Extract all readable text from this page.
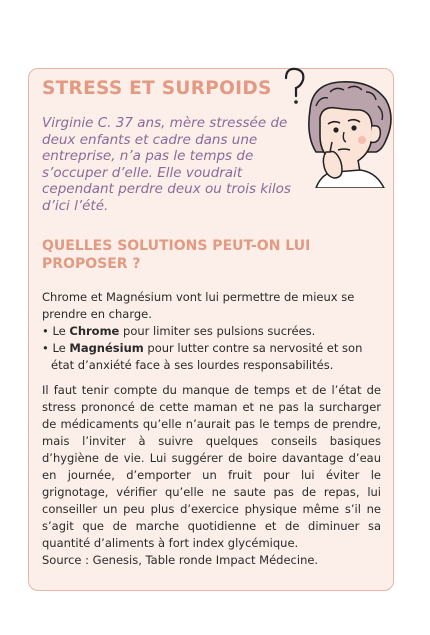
STRESS ET SURPOIDS
Virginie C. 37 ans, mère stressée de deux enfants et cadre dans une entreprise, n’a pas le temps de s’occuper d’elle. Elle voudrait cependant perdre deux ou trois kilos d’ici l’été.
QUELLES SOLUTIONS PEUT-ON LUI PROPOSER ?

Chrome et Magnésium vont lui permettre de mieux se prendre en charge.

• Le Chrome pour limiter ses pulsions sucrées.

• Le Magnésium pour lutter contre sa nervosité et son état d’anxiété face à ses lourdes responsabilités.

Il faut tenir compte du manque de temps et de l’état de stress prononcé de cette maman et ne pas la surcharger de médicaments qu’elle n’aurait pas le temps de prendre, mais l’inviter à suivre quelques conseils basiques d’hygiène de vie. Lui suggérer de boire davantage d’eau en journée, d’emporter un fruit pour lui éviter le grignotage, vérifier qu’elle ne saute pas de repas, lui conseiller un peu plus d’exercice physique même s’il ne s’agit que de marche quotidienne et de diminuer sa quantité d’aliments à fort index glycémique.

Source : Genesis, Table ronde Impact Médecine.
